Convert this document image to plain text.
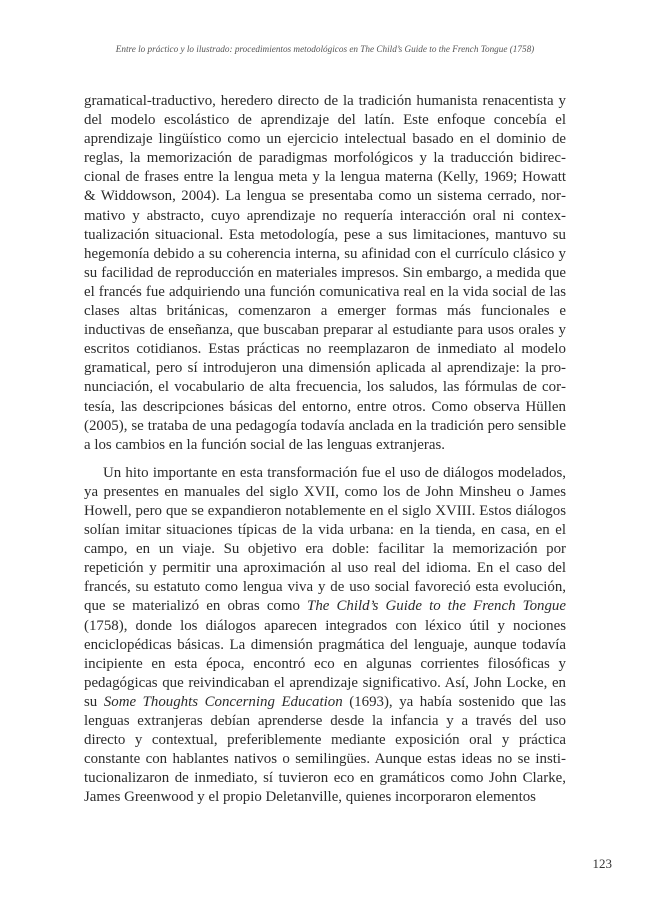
Entre lo práctico y lo ilustrado: procedimientos metodológicos en The Child’s Guide to the French Tongue (1758)

gramatical-traductivo, heredero directo de la tradición humanista renacentista y del modelo escolástico de aprendizaje del latín. Este enfoque concebía el aprendizaje lingüístico como un ejercicio intelectual basado en el dominio de reglas, la memorización de paradigmas morfológicos y la traducción bidireccional de frases entre la lengua meta y la lengua materna (Kelly, 1969; Howatt & Widdowson, 2004). La lengua se presentaba como un sistema cerrado, normativo y abstracto, cuyo aprendizaje no requería interacción oral ni contextualización situacional. Esta metodología, pese a sus limitaciones, mantuvo su hegemonía debido a su coherencia interna, su afinidad con el currículo clásico y su facilidad de reproducción en materiales impresos. Sin embargo, a medida que el francés fue adquiriendo una función comunicativa real en la vida social de las clases altas británicas, comenzaron a emerger formas más funcionales e inductivas de enseñanza, que buscaban preparar al estudiante para usos orales y escritos cotidianos. Estas prácticas no reemplazaron de inmediato al modelo gramatical, pero sí introdujeron una dimensión aplicada al aprendizaje: la pronunciación, el vocabulario de alta frecuencia, los saludos, las fórmulas de cortesía, las descripciones básicas del entorno, entre otros. Como observa Hüllen (2005), se trataba de una pedagogía todavía anclada en la tradición pero sensible a los cambios en la función social de las lenguas extranjeras.

Un hito importante en esta transformación fue el uso de diálogos modelados, ya presentes en manuales del siglo XVII, como los de John Minsheu o James Howell, pero que se expandieron notablemente en el siglo XVIII. Estos diálogos solían imitar situaciones típicas de la vida urbana: en la tienda, en casa, en el campo, en un viaje. Su objetivo era doble: facilitar la memorización por repetición y permitir una aproximación al uso real del idioma. En el caso del francés, su estatuto como lengua viva y de uso social favoreció esta evolución, que se materializó en obras como The Child’s Guide to the French Tongue (1758), donde los diálogos aparecen integrados con léxico útil y nociones enciclopédicas básicas. La dimensión pragmática del lenguaje, aunque todavía incipiente en esta época, encontró eco en algunas corrientes filosóficas y pedagógicas que reivindicaban el aprendizaje significativo. Así, John Locke, en su Some Thoughts Concerning Education (1693), ya había sostenido que las lenguas extranjeras debían aprenderse desde la infancia y a través del uso directo y contextual, preferiblemente mediante exposición oral y práctica constante con hablantes nativos o semilingües. Aunque estas ideas no se institucionalizaron de inmediato, sí tuvieron eco en gramáticos como John Clarke, James Greenwood y el propio Deletanville, quienes incorporaron elementos

123
